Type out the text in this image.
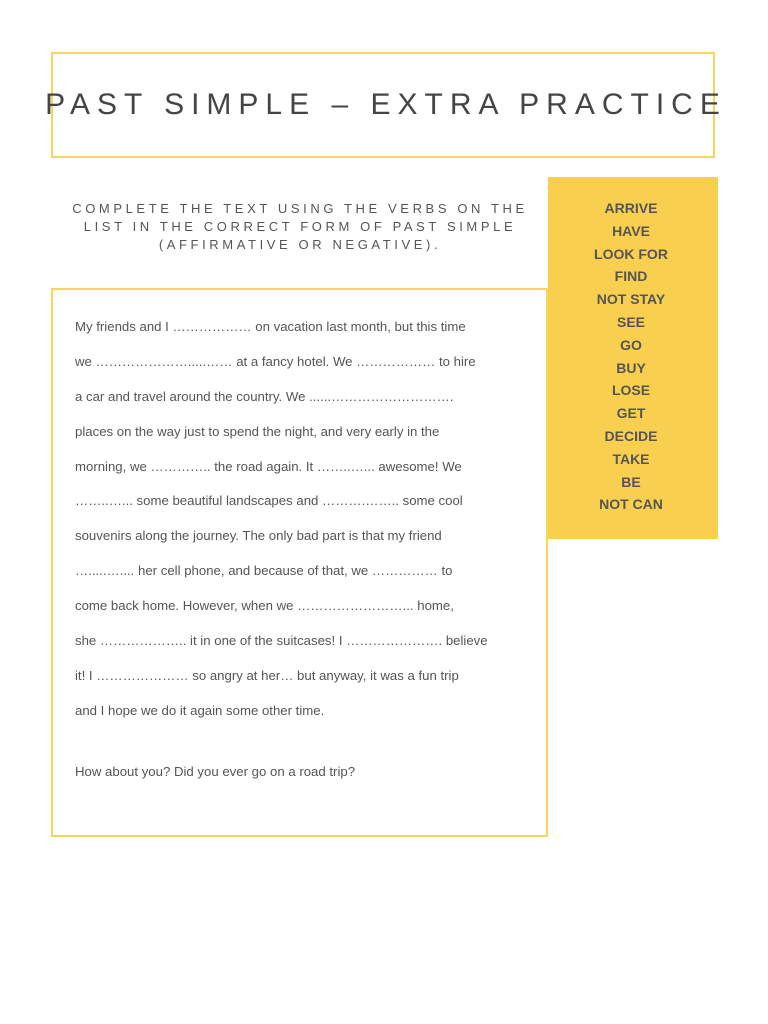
PAST SIMPLE – EXTRA PRACTICE
COMPLETE THE TEXT USING THE VERBS ON THE
LIST IN THE CORRECT FORM OF PAST SIMPLE
(AFFIRMATIVE OR NEGATIVE).
ARRIVE
HAVE
LOOK FOR
FIND
NOT STAY
SEE
GO
BUY
LOSE
GET
DECIDE
TAKE
BE
NOT CAN
My friends and I ……………… on vacation last month, but this time
we ………………….....…… at a fancy hotel. We ……………… to hire
a car and travel around the country. We ......……………………….
places on the way just to spend the night, and very early in the
morning, we ………….. the road again. It ……..…... awesome! We
……..…... some beautiful landscapes and ……….…….. some cool
souvenirs along the journey. The only bad part is that my friend
….....….... her cell phone, and because of that, we …………… to
come back home. However, when we ……………………... home,
she ……………….. it in one of the suitcases! I …………………. believe
it! I ………………… so angry at her… but anyway, it was a fun trip
and I hope we do it again some other time.
How about you? Did you ever go on a road trip?
